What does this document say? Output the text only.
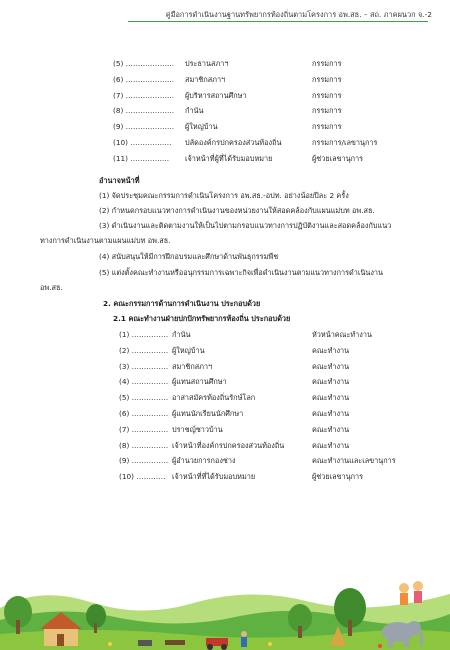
คู่มือการดำเนินงานฐานทรัพยากรท้องถิ่นตามโครงการ อพ.สธ. – สถ. ภาคผนวก จ.-2
(5) ……………….. ประธานสภาฯ	กรรมการ
(6) ……………….. สมาชิกสภาฯ	กรรมการ
(7) ……………….. ผู้บริหารสถานศึกษา	กรรมการ
(8) ……………….. กำนัน	กรรมการ
(9) ……………….. ผู้ใหญ่บ้าน	กรรมการ
(10) …………….. ปลัดองค์กรปกครองส่วนท้องถิ่น	กรรมการ/เลขานุการ
(11) ……………. เจ้าหน้าที่ผู้ที่ได้รับมอบหมาย	ผู้ช่วยเลขานุการ
อำนาจหน้าที่
(1) จัดประชุมคณะกรรมการดำเนินโครงการ อพ.สธ.-อปท. อย่างน้อยปีละ 2 ครั้ง
(2) กำหนดกรอบแนวทางการดำเนินงานของหน่วยงานให้สอดคล้องกับแผนแม่บท อพ.สธ.
(3) ดำเนินงานและติดตามงานให้เป็นไปตามกรอบแนวทางการปฏิบัติงานและสอดคล้องกับแนว
ทางการดำเนินงานตามแผนแม่บท อพ.สธ.
(4) สนับสนุนให้มีการฝึกอบรมและศึกษาด้านพันธุกรรมพืช
(5) แต่งตั้งคณะทำงานหรืออนุกรรมการเฉพาะกิจเพื่อดำเนินงานตามแนวทางการดำเนินงาน
อพ.สธ.
2. คณะกรรมการด้านการดำเนินงาน ประกอบด้วย
2.1 คณะทำงานฝ่ายปกปักทรัพยากรท้องถิ่น ประกอบด้วย
(1) …………… กำนัน	หัวหน้าคณะทำงาน
(2) …………… ผู้ใหญ่บ้าน	คณะทำงาน
(3) …………… สมาชิกสภาฯ	คณะทำงาน
(4) …………… ผู้แทนสถานศึกษา	คณะทำงาน
(5) …………… อาสาสมัครท้องถิ่นรักษ์โลก	คณะทำงาน
(6) …………… ผู้แทนนักเรียนนักศึกษา	คณะทำงาน
(7) …………… ปราชญ์ชาวบ้าน	คณะทำงาน
(8) …………… เจ้าหน้าที่องค์กรปกครองส่วนท้องถิ่น	คณะทำงาน
(9) …………… ผู้อำนวยการกองช่าง	คณะทำงานและเลขานุการ
(10) ………… เจ้าหน้าที่ที่ได้รับมอบหมาย	ผู้ช่วยเลขานุการ
